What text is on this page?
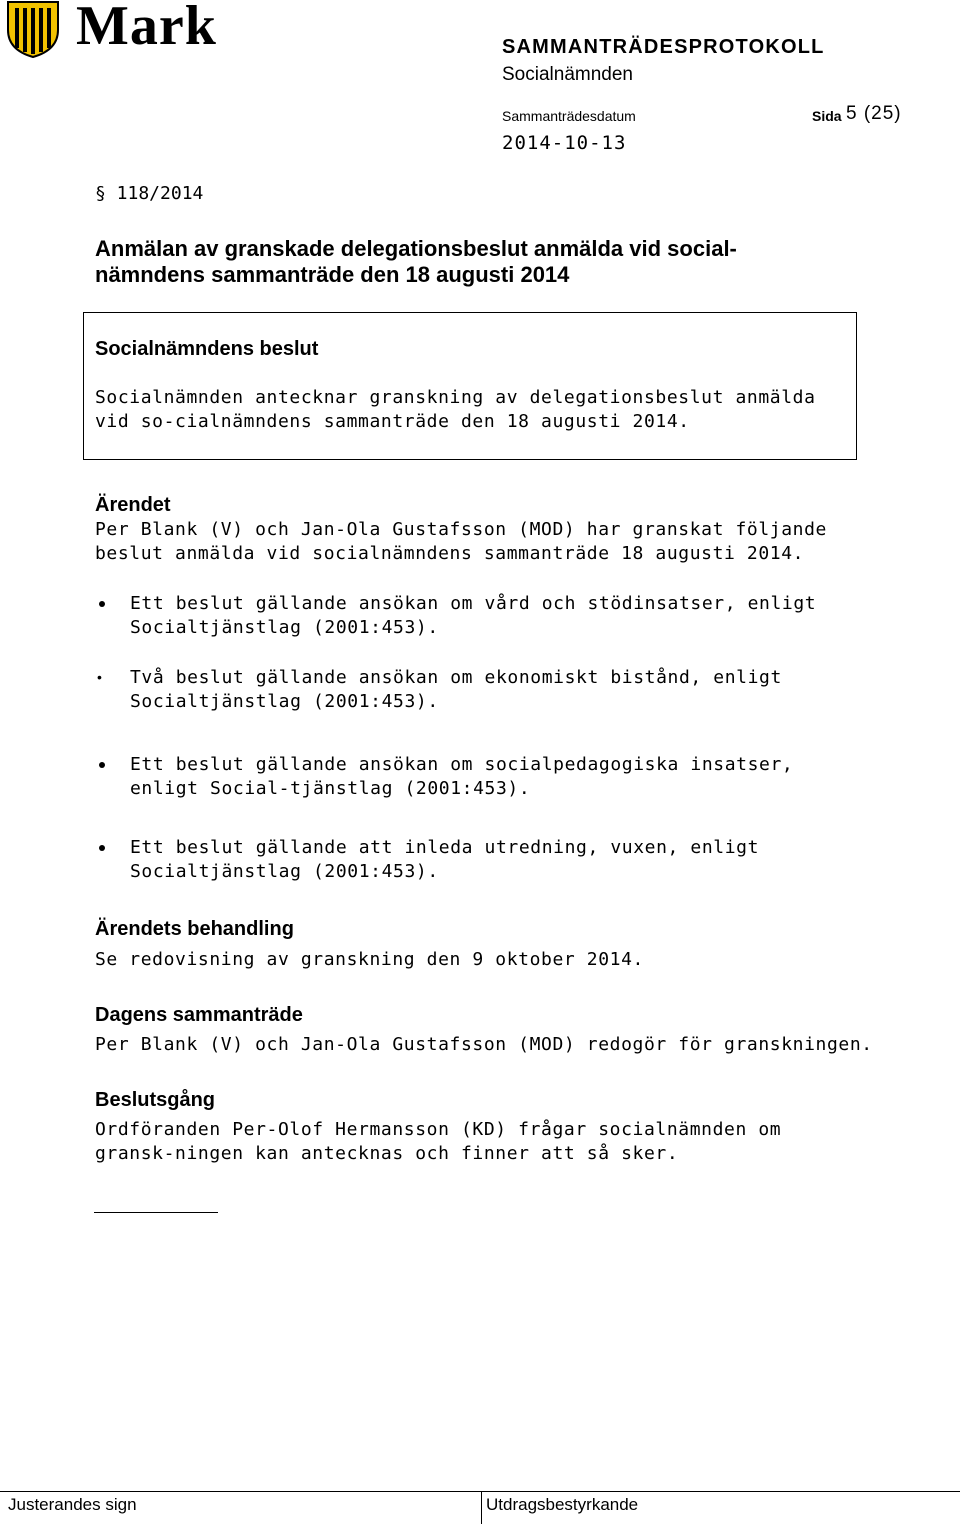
Mark	SAMMANTRÄDESPROTOKOLL
Socialnämnden
Sammanträdesdatum	Sida 5 (25)
2014-10-13
§ 118/2014
Anmälan av granskade delegationsbeslut anmälda vid social-nämndens sammanträde den 18 augusti 2014
Socialnämndens beslut
Socialnämnden antecknar granskning av delegationsbeslut anmälda vid so-cialnämndens sammanträde den 18 augusti 2014.
Ärendet
Per Blank (V) och Jan-Ola Gustafsson (MOD) har granskat följande beslut anmälda vid socialnämndens sammanträde 18 augusti 2014.
Ett beslut gällande ansökan om vård och stödinsatser, enligt Socialtjänstlag (2001:453).
• Två beslut gällande ansökan om ekonomiskt bistånd, enligt Socialtjänstlag (2001:453).
Ett beslut gällande ansökan om socialpedagogiska insatser, enligt Social-tjänstlag (2001:453).
Ett beslut gällande att inleda utredning, vuxen, enligt Socialtjänstlag (2001:453).
Ärendets behandling
Se redovisning av granskning den 9 oktober 2014.
Dagens sammanträde
Per Blank (V) och Jan-Ola Gustafsson (MOD) redogör för granskningen.
Beslutsgång
Ordföranden Per-Olof Hermansson (KD) frågar socialnämnden om gransk-ningen kan antecknas och finner att så sker.
Justerandes sign	Utdragsbestyrkande
